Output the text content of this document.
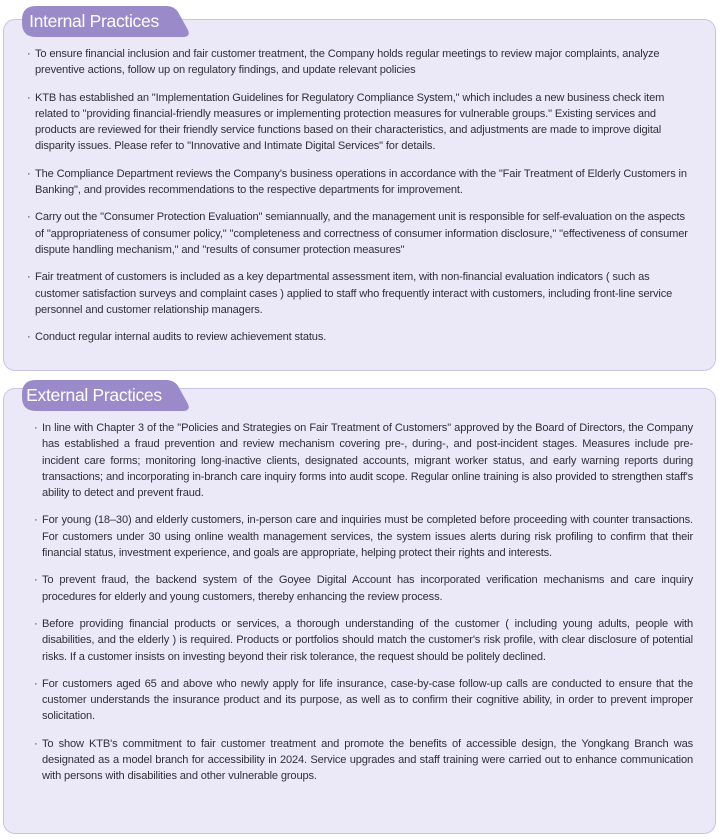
· To ensure financial inclusion and fair customer treatment, the Company holds regular meetings to review major complaints, analyze preventive actions, follow up on regulatory findings, and update relevant policies
· KTB has established an "Implementation Guidelines for Regulatory Compliance System," which includes a new business check item related to "providing financial-friendly measures or implementing protection measures for vulnerable groups." Existing services and products are reviewed for their friendly service functions based on their characteristics, and adjustments are made to improve digital disparity issues. Please refer to "Innovative and Intimate Digital Services" for details.
· The Compliance Department reviews the Company's business operations in accordance with the "Fair Treatment of Elderly Customers in Banking", and provides recommendations to the respective departments for improvement.
· Carry out the "Consumer Protection Evaluation" semiannually, and the management unit is responsible for self-evaluation on the aspects of "appropriateness of consumer policy," "completeness and correctness of consumer information disclosure," "effectiveness of consumer dispute handling mechanism," and "results of consumer protection measures"
· Fair treatment of customers is included as a key departmental assessment item, with non-financial evaluation indicators ( such as customer satisfaction surveys and complaint cases ) applied to staff who frequently interact with customers, including front-line service personnel and customer relationship managers.
· Conduct regular internal audits to review achievement status.
Internal Practices
· In line with Chapter 3 of the "Policies and Strategies on Fair Treatment of Customers" approved by the Board of Directors, the Company has established a fraud prevention and review mechanism covering pre-, during-, and post-incident stages. Measures include pre-incident care forms; monitoring long-inactive clients, designated accounts, migrant worker status, and early warning reports during transactions; and incorporating in-branch care inquiry forms into audit scope. Regular online training is also provided to strengthen staff's ability to detect and prevent fraud.
· For young (18–30) and elderly customers, in-person care and inquiries must be completed before proceeding with counter transactions. For customers under 30 using online wealth management services, the system issues alerts during risk profiling to confirm that their financial status, investment experience, and goals are appropriate, helping protect their rights and interests.
· To prevent fraud, the backend system of the Goyee Digital Account has incorporated verification mechanisms and care inquiry procedures for elderly and young customers, thereby enhancing the review process.
· Before providing financial products or services, a thorough understanding of the customer ( including young adults, people with disabilities, and the elderly ) is required. Products or portfolios should match the customer's risk profile, with clear disclosure of potential risks. If a customer insists on investing beyond their risk tolerance, the request should be politely declined.
· For customers aged 65 and above who newly apply for life insurance, case-by-case follow-up calls are conducted to ensure that the customer understands the insurance product and its purpose, as well as to confirm their cognitive ability, in order to prevent improper solicitation.
· To show KTB's commitment to fair customer treatment and promote the benefits of accessible design, the Yongkang Branch was designated as a model branch for accessibility in 2024. Service upgrades and staff training were carried out to enhance communication with persons with disabilities and other vulnerable groups.
External Practices
